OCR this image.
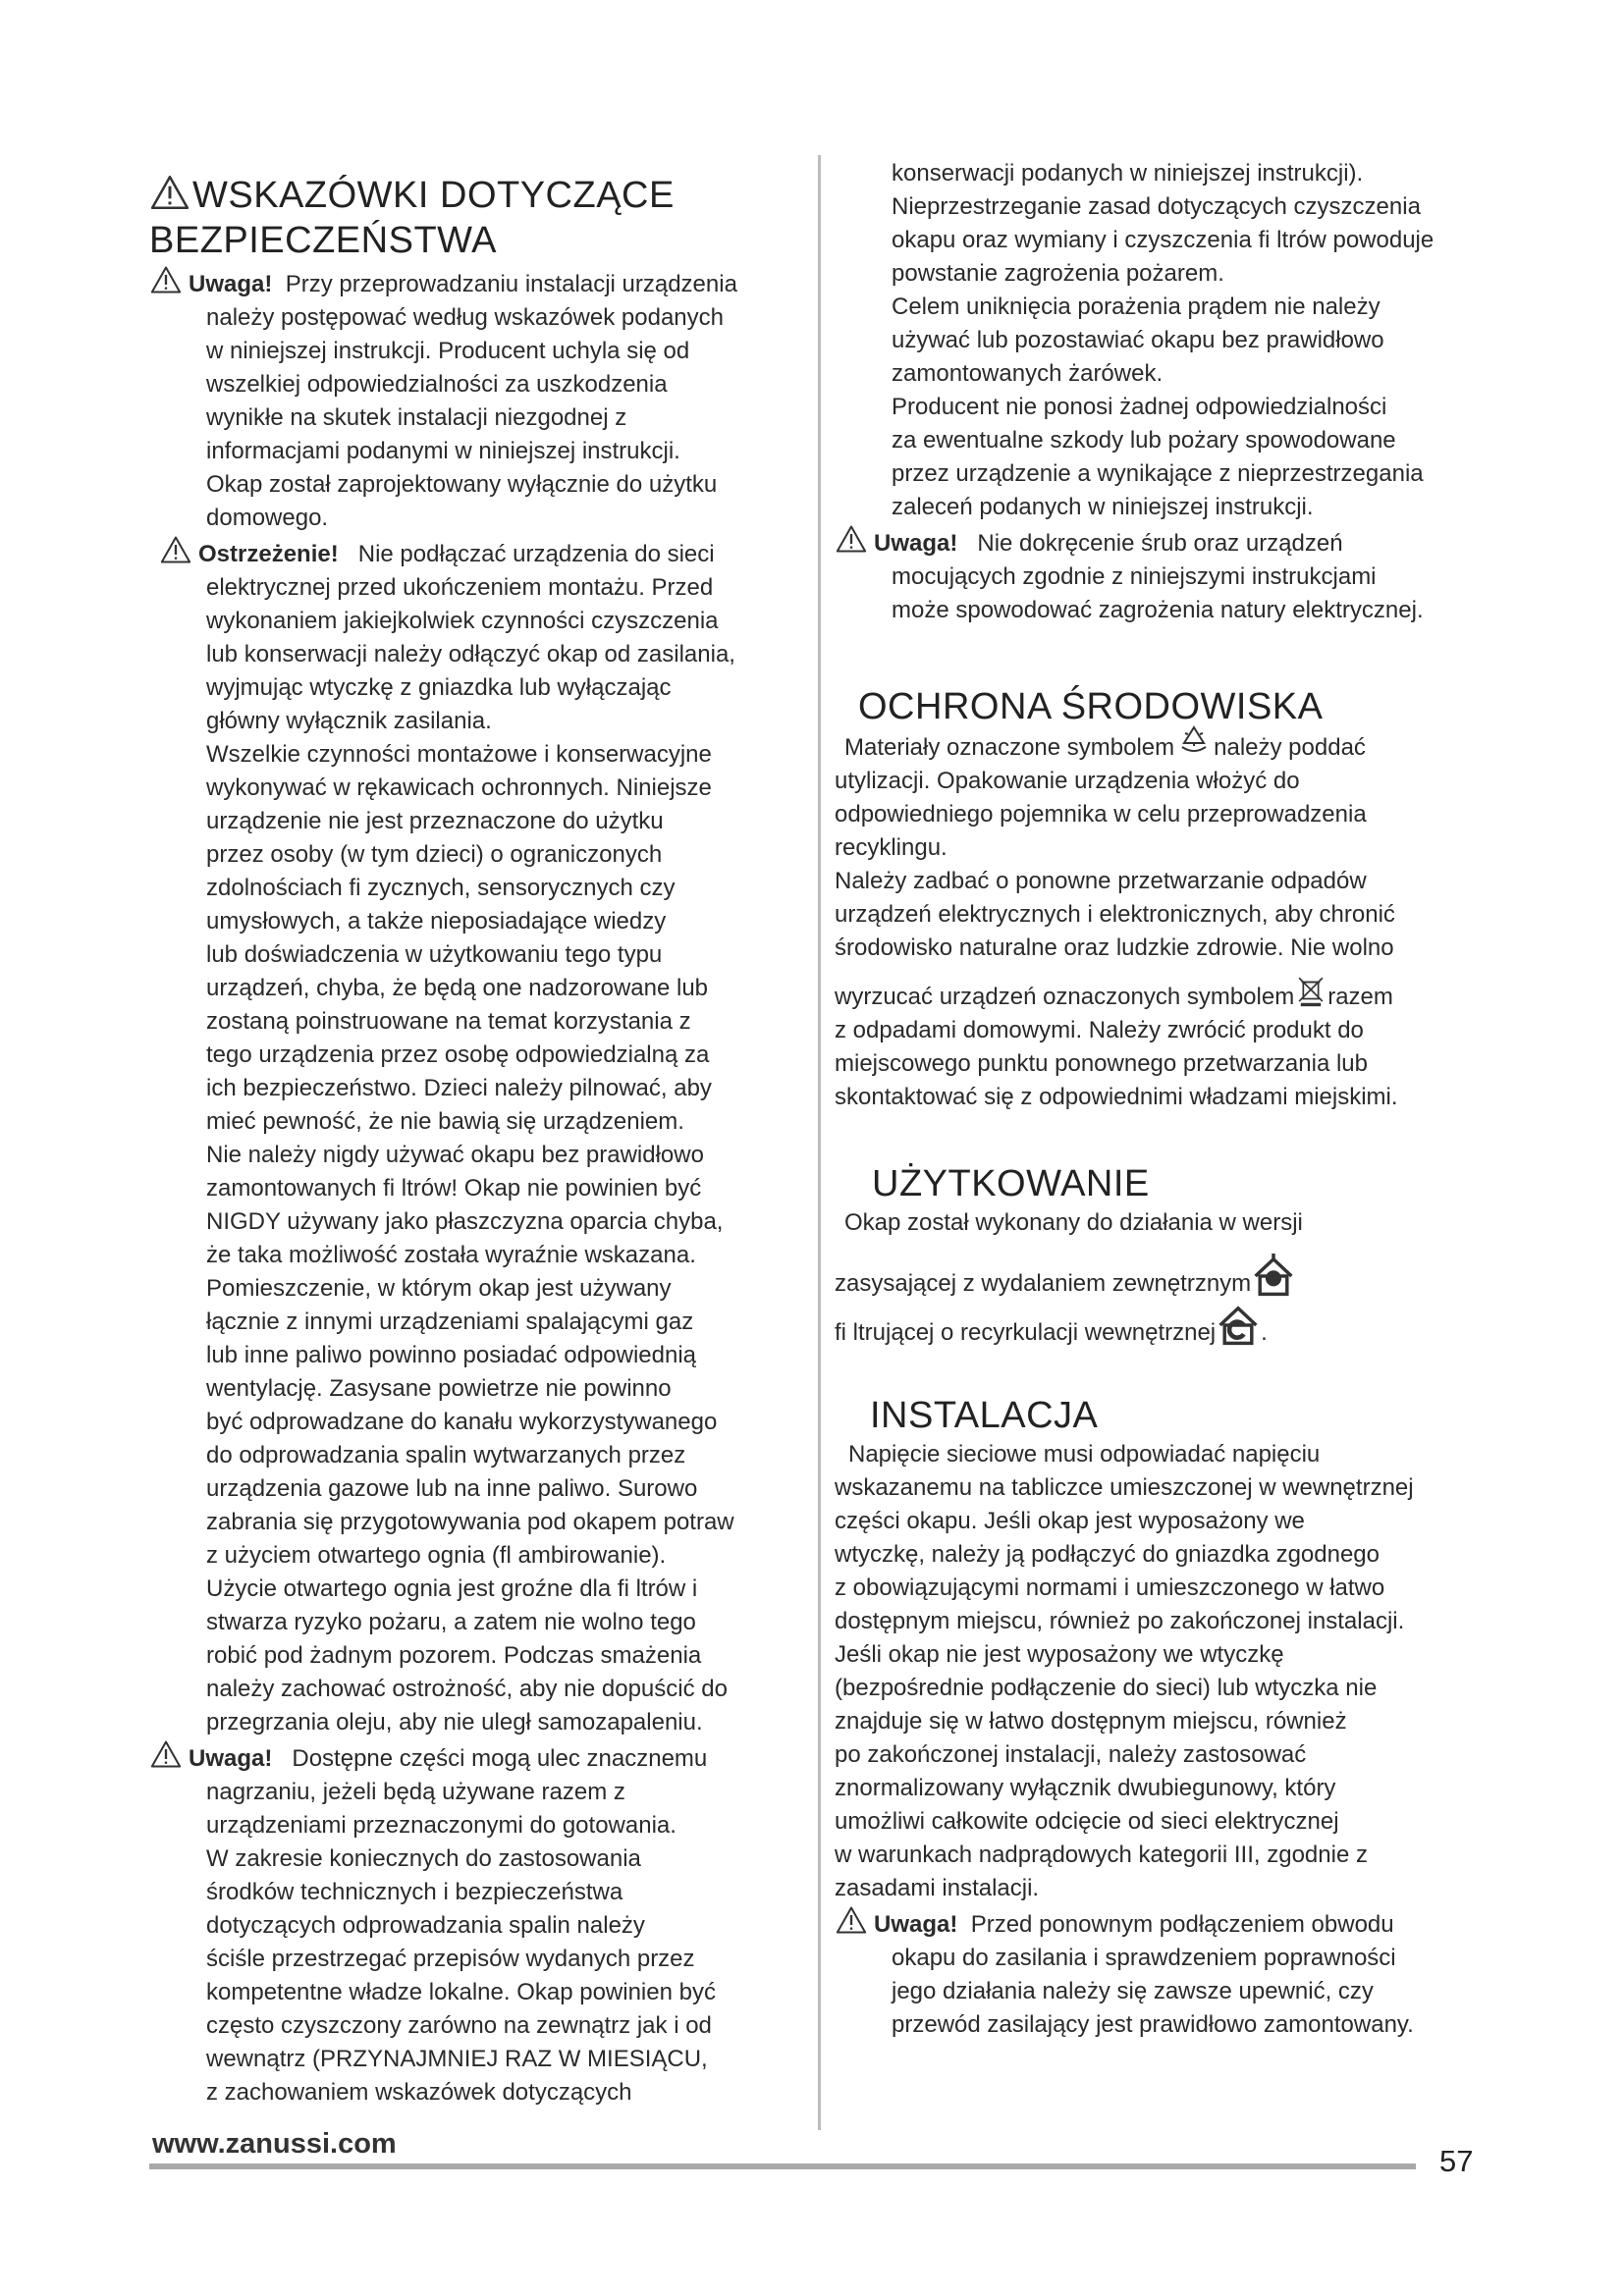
WSKAZÓWKI DOTYCZĄCE
BEZPIECZEŃSTWA

Uwaga! Przy przeprowadzaniu instalacji urządzenia

należy postępować według wskazówek podanych

w niniejszej instrukcji. Producent uchyla się od

wszelkiej odpowiedzialności za uszkodzenia

wynikłe na skutek instalacji niezgodnej z

informacjami podanymi w niniejszej instrukcji.

Okap został zaprojektowany wyłącznie do użytku

domowego.

Ostrzeżenie! Nie podłączać urządzenia do sieci

elektrycznej przed ukończeniem montażu. Przed

wykonaniem jakiejkolwiek czynności czyszczenia

lub konserwacji należy odłączyć okap od zasilania,

wyjmując wtyczkę z gniazdka lub wyłączając

główny wyłącznik zasilania.

Wszelkie czynności montażowe i konserwacyjne

wykonywać w rękawicach ochronnych. Niniejsze

urządzenie nie jest przeznaczone do użytku

przez osoby (w tym dzieci) o ograniczonych

zdolnościach fi zycznych, sensorycznych czy

umysłowych, a także nieposiadające wiedzy

lub doświadczenia w użytkowaniu tego typu

urządzeń, chyba, że będą one nadzorowane lub

zostaną poinstruowane na temat korzystania z

tego urządzenia przez osobę odpowiedzialną za

ich bezpieczeństwo. Dzieci należy pilnować, aby

mieć pewność, że nie bawią się urządzeniem.

Nie należy nigdy używać okapu bez prawidłowo

zamontowanych fi ltrów! Okap nie powinien być

NIGDY używany jako płaszczyzna oparcia chyba,

że taka możliwość została wyraźnie wskazana.

Pomieszczenie, w którym okap jest używany

łącznie z innymi urządzeniami spalającymi gaz

lub inne paliwo powinno posiadać odpowiednią

wentylację. Zasysane powietrze nie powinno

być odprowadzane do kanału wykorzystywanego

do odprowadzania spalin wytwarzanych przez

urządzenia gazowe lub na inne paliwo. Surowo

zabrania się przygotowywania pod okapem potraw

z użyciem otwartego ognia (fl ambirowanie).

Użycie otwartego ognia jest groźne dla fi ltrów i

stwarza ryzyko pożaru, a zatem nie wolno tego

robić pod żadnym pozorem. Podczas smażenia

należy zachować ostrożność, aby nie dopuścić do

przegrzania oleju, aby nie uległ samozapaleniu.

Uwaga! Dostępne części mogą ulec znacznemu

nagrzaniu, jeżeli będą używane razem z

urządzeniami przeznaczonymi do gotowania.

W zakresie koniecznych do zastosowania

środków technicznych i bezpieczeństwa

dotyczących odprowadzania spalin należy

ściśle przestrzegać przepisów wydanych przez

kompetentne władze lokalne. Okap powinien być

często czyszczony zarówno na zewnątrz jak i od

wewnątrz (PRZYNAJMNIEJ RAZ W MIESIĄCU,

z zachowaniem wskazówek dotyczących

konserwacji podanych w niniejszej instrukcji).

Nieprzestrzeganie zasad dotyczących czyszczenia

okapu oraz wymiany i czyszczenia fi ltrów powoduje

powstanie zagrożenia pożarem.

Celem uniknięcia porażenia prądem nie należy

używać lub pozostawiać okapu bez prawidłowo

zamontowanych żarówek.

Producent nie ponosi żadnej odpowiedzialności

za ewentualne szkody lub pożary spowodowane

przez urządzenie a wynikające z nieprzestrzegania

zaleceń podanych w niniejszej instrukcji.

Uwaga! Nie dokręcenie śrub oraz urządzeń

mocujących zgodnie z niniejszymi instrukcjami

może spowodować zagrożenia natury elektrycznej.

OCHRONA ŚRODOWISKA

Materiały oznaczone symbolem należy poddać

utylizacji. Opakowanie urządzenia włożyć do

odpowiedniego pojemnika w celu przeprowadzenia

recyklingu.

Należy zadbać o ponowne przetwarzanie odpadów

urządzeń elektrycznych i elektronicznych, aby chronić

środowisko naturalne oraz ludzkie zdrowie. Nie wolno

wyrzucać urządzeń oznaczonych symbolem razem

z odpadami domowymi. Należy zwrócić produkt do

miejscowego punktu ponownego przetwarzania lub

skontaktować się z odpowiednimi władzami miejskimi.

UŻYTKOWANIE

Okap został wykonany do działania w wersji

zasysającej z wydalaniem zewnętrznym

fi ltrującej o recyrkulacji wewnętrznej .

INSTALACJA

Napięcie sieciowe musi odpowiadać napięciu

wskazanemu na tabliczce umieszczonej w wewnętrznej

części okapu. Jeśli okap jest wyposażony we

wtyczkę, należy ją podłączyć do gniazdka zgodnego

z obowiązującymi normami i umieszczonego w łatwo

dostępnym miejscu, również po zakończonej instalacji.

Jeśli okap nie jest wyposażony we wtyczkę

(bezpośrednie podłączenie do sieci) lub wtyczka nie

znajduje się w łatwo dostępnym miejscu, również

po zakończonej instalacji, należy zastosować

znormalizowany wyłącznik dwubiegunowy, który

umożliwi całkowite odcięcie od sieci elektrycznej

w warunkach nadprądowych kategorii III, zgodnie z

zasadami instalacji.

Uwaga! Przed ponownym podłączeniem obwodu

okapu do zasilania i sprawdzeniem poprawności

jego działania należy się zawsze upewnić, czy

przewód zasilający jest prawidłowo zamontowany.

www.zanussi.com	57
